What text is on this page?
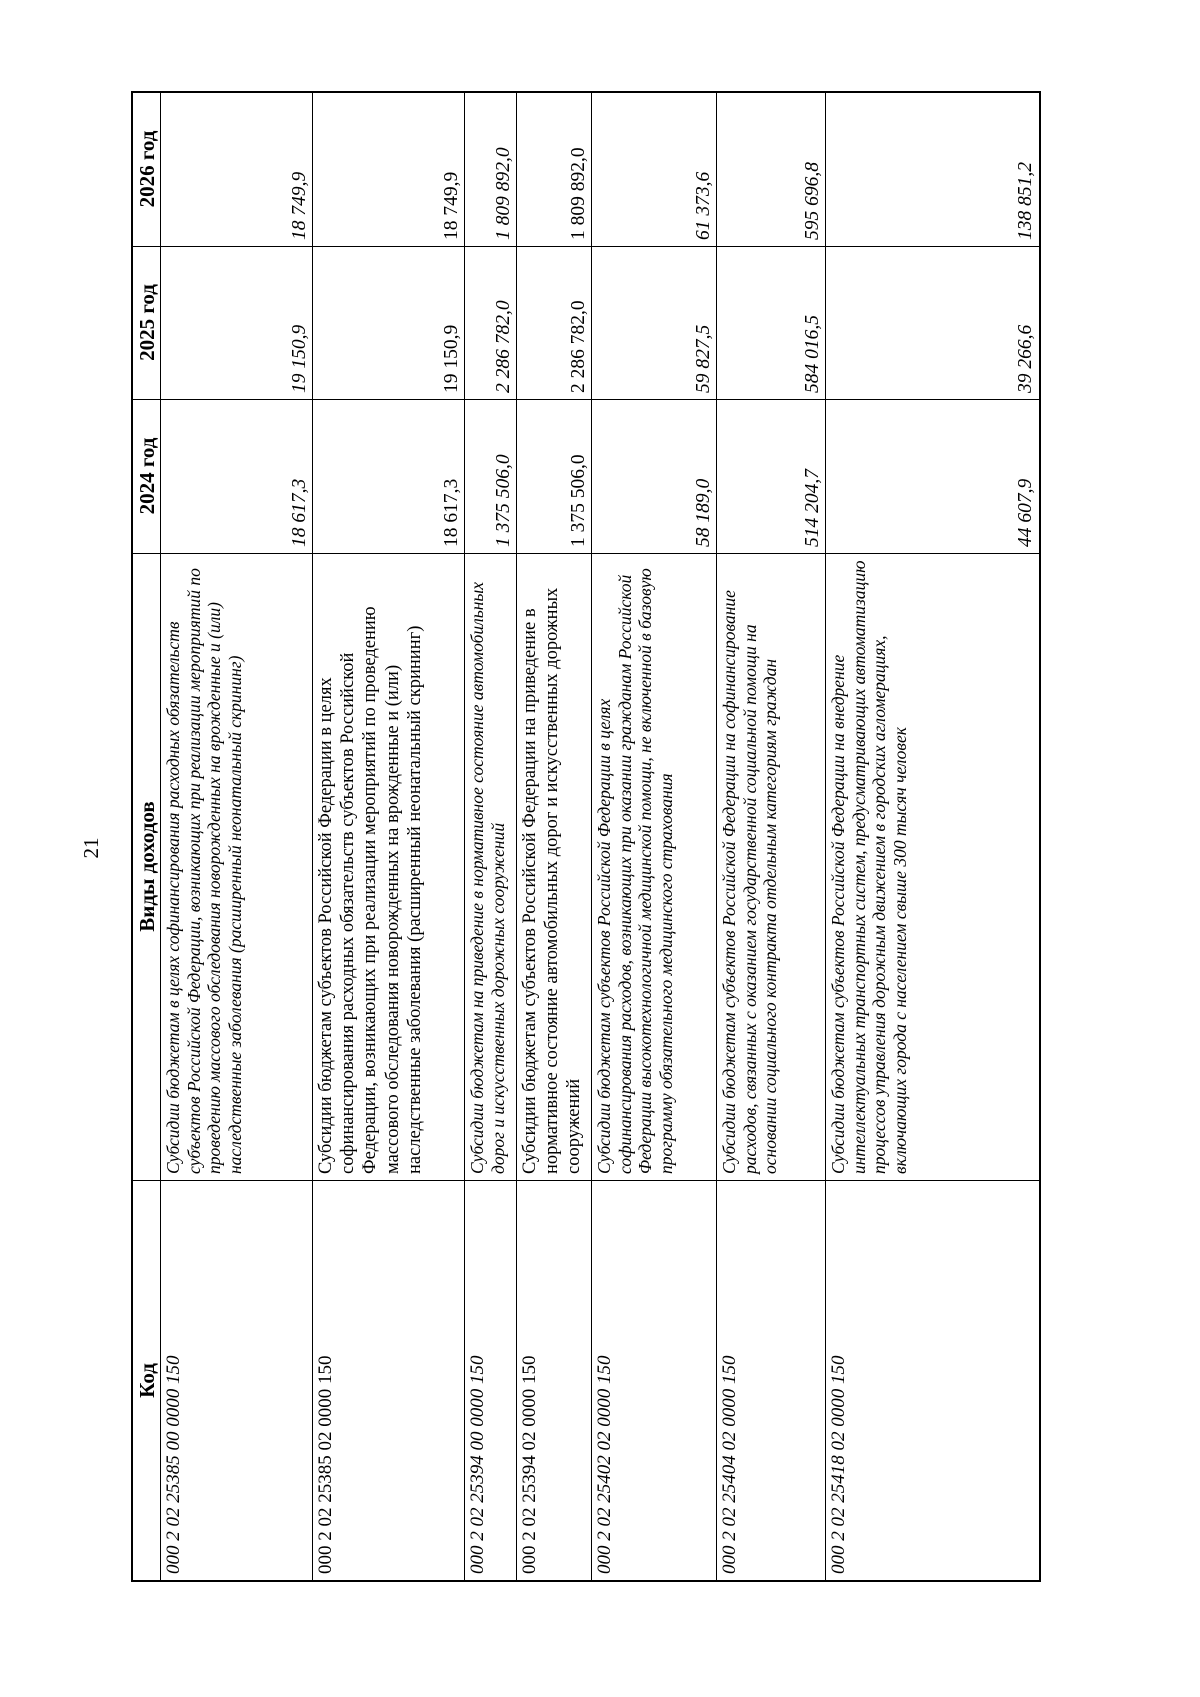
21
2026 год
2025 год
2024 год
Виды доходов
Код
18 749,9
19 150,9
18 617,3
Субсидии бюджетам в целях софинансирования расходных обязательств субъектов Российской Федерации, возникающих при реализации мероприятий по проведению массового обследования новорожденных на врожденные и (или) наследственные заболевания (расширенный неонатальный скрининг)
000 2 02 25385 00 0000 150
18 749,9
19 150,9
18 617,3
Субсидии бюджетам субъектов Российской Федерации в целях софинансирования расходных обязательств субъектов Российской Федерации, возникающих при реализации мероприятий по проведению массового обследования новорожденных на врожденные и (или) наследственные заболевания (расширенный неонатальный скрининг)
000 2 02 25385 02 0000 150
1 809 892,0
2 286 782,0
1 375 506,0
Субсидии бюджетам на приведение в нормативное состояние автомобильных дорог и искусственных дорожных сооружений
000 2 02 25394 00 0000 150
1 809 892,0
2 286 782,0
1 375 506,0
Субсидии бюджетам субъектов Российской Федерации на приведение в нормативное состояние автомобильных дорог и искусственных дорожных сооружений
000 2 02 25394 02 0000 150
61 373,6
59 827,5
58 189,0
Субсидии бюджетам субъектов Российской Федерации в целях софинансирования расходов, возникающих при оказании гражданам Российской Федерации высокотехнологичной медицинской помощи, не включенной в базовую программу обязательного медицинского страхования
000 2 02 25402 02 0000 150
595 696,8
584 016,5
514 204,7
Субсидии бюджетам субъектов Российской Федерации на софинансирование расходов, связанных с оказанием государственной социальной помощи на основании социального контракта отдельным категориям граждан
000 2 02 25404 02 0000 150
138 851,2
39 266,6
44 607,9
Субсидии бюджетам субъектов Российской Федерации на внедрение интеллектуальных транспортных систем, предусматривающих автоматизацию процессов управления дорожным движением в городских агломерациях, включающих города с населением свыше 300 тысяч человек
000 2 02 25418 02 0000 150
